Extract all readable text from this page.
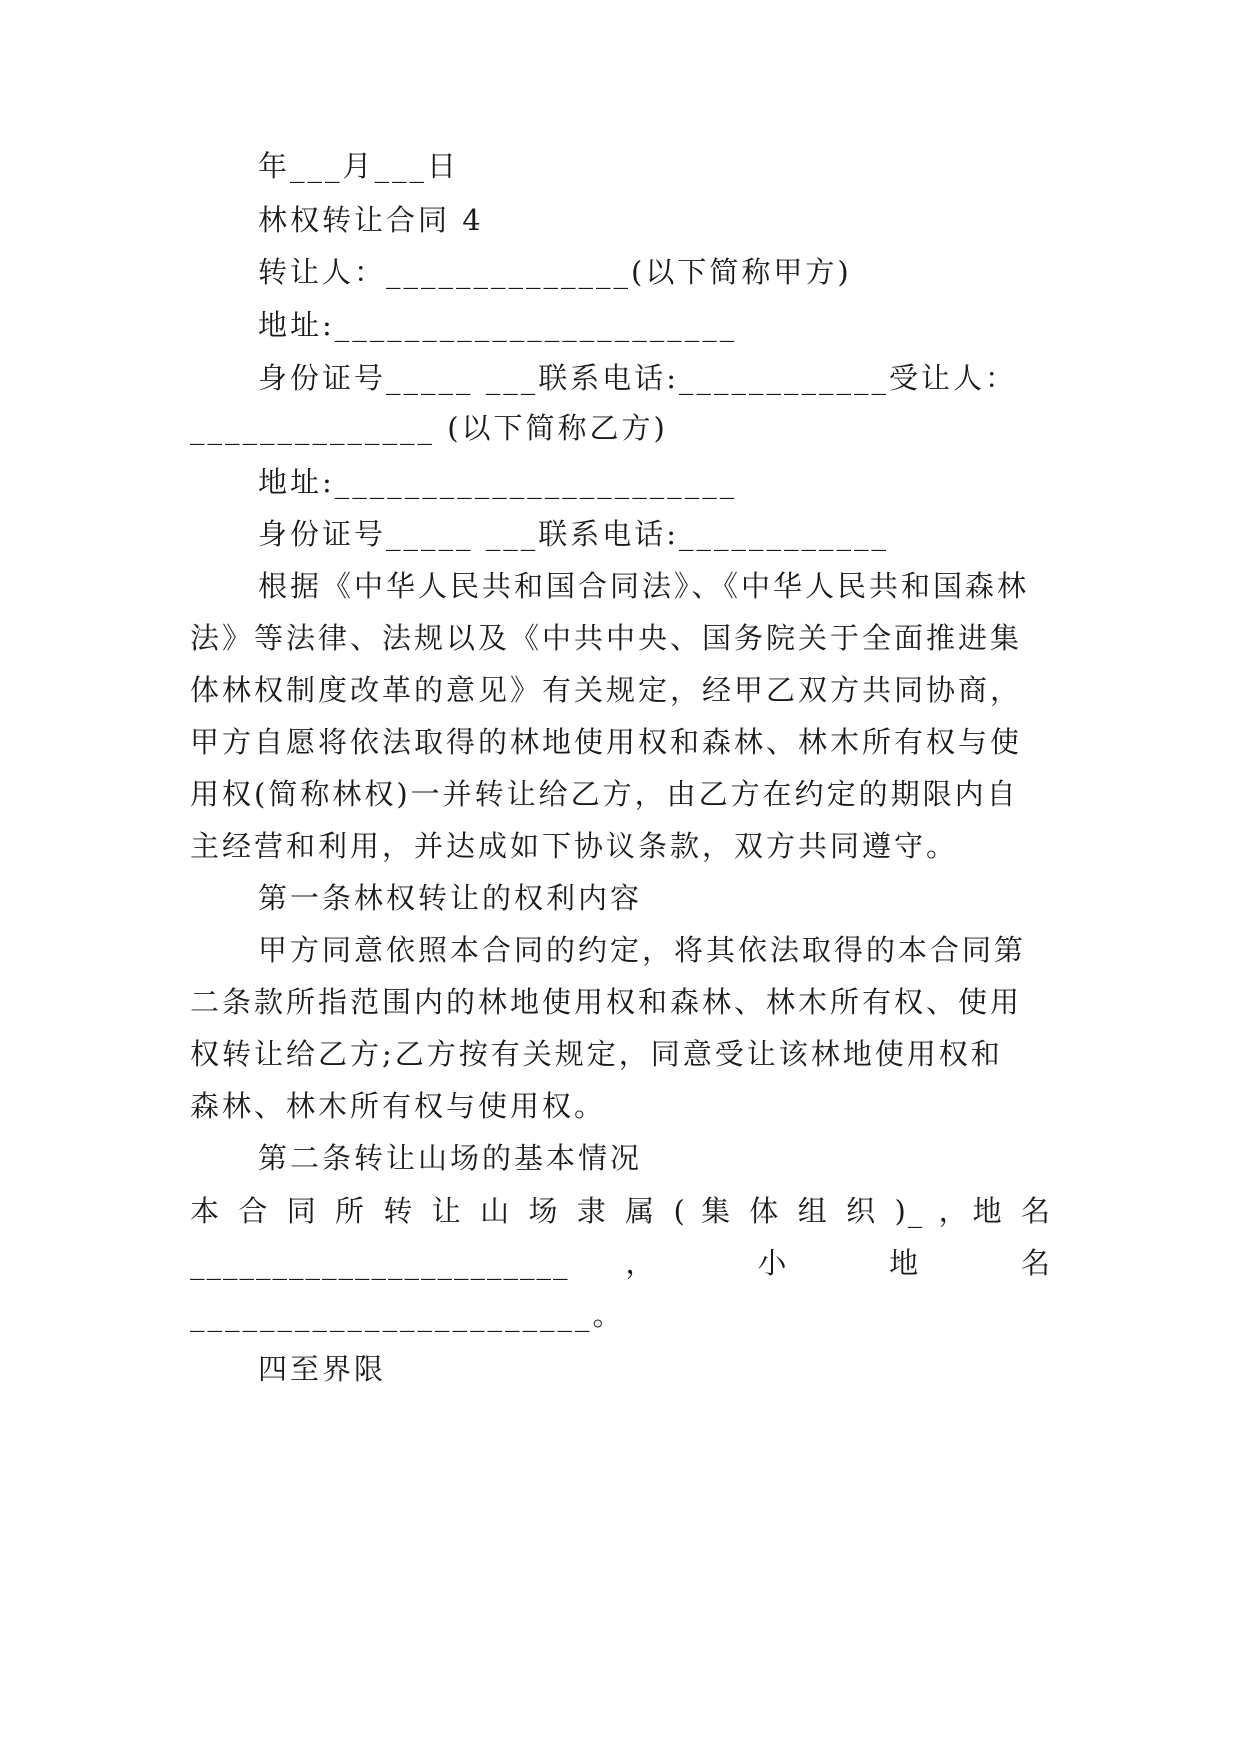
年___月___日
林权转让合同 4
转让人：______________(以下简称甲方)
地址:_______________________
身份证号_____ ___联系电话:____________受让人：
______________ (以下简称乙方)
地址:_______________________
身份证号_____ ___联系电话:____________
根据《中华人民共和国合同法》、《中华人民共和国森林
法》等法律、法规以及《中共中央、国务院关于全面推进集
体林权制度改革的意见》有关规定，经甲乙双方共同协商，
甲方自愿将依法取得的林地使用权和森林、林木所有权与使
用权(简称林权)一并转让给乙方，由乙方在约定的期限内自
主经营和利用，并达成如下协议条款，双方共同遵守。
第一条林权转让的权利内容
甲方同意依照本合同的约定，将其依法取得的本合同第
二条款所指范围内的林地使用权和森林、林木所有权、使用
权转让给乙方;乙方按有关规定，同意受让该林地使用权和
森林、林木所有权与使用权。
第二条转让山场的基本情况
本 合 同 所 转 让 山 场 隶 属 ( 集 体 组 织 )_ ，地 名
_______________________ ， 小 地 名
_______________________。
四至界限
